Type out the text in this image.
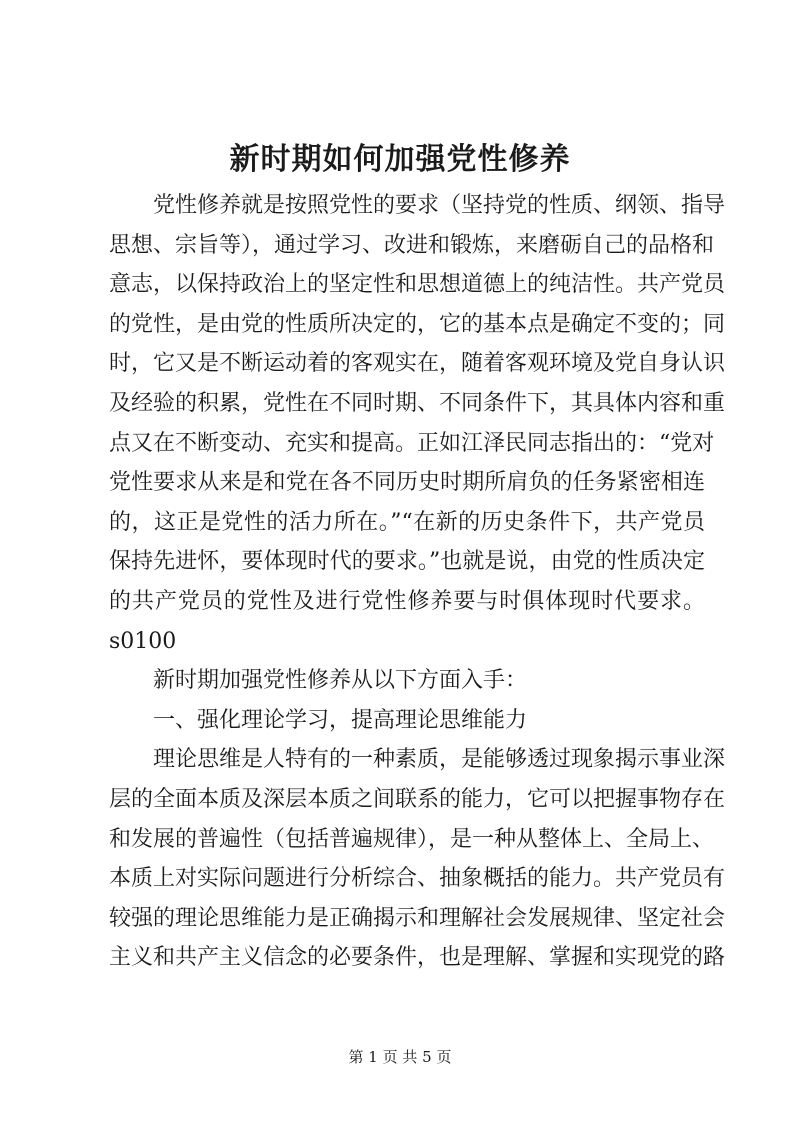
新时期如何加强党性修养
党性修养就是按照党性的要求（坚持党的性质、纲领、指导
思想、宗旨等），通过学习、改进和锻炼，来磨砺自己的品格和
意志，以保持政治上的坚定性和思想道德上的纯洁性。共产党员
的党性，是由党的性质所决定的，它的基本点是确定不变的；同
时，它又是不断运动着的客观实在，随着客观环境及党自身认识
及经验的积累，党性在不同时期、不同条件下，其具体内容和重
点又在不断变动、充实和提高。正如江泽民同志指出的：“党对
党性要求从来是和党在各不同历史时期所肩负的任务紧密相连
的，这正是党性的活力所在。”“在新的历史条件下，共产党员
保持先进怀，要体现时代的要求。”也就是说，由党的性质决定
的共产党员的党性及进行党性修养要与时俱体现时代要求。
s0100
新时期加强党性修养从以下方面入手：
一、强化理论学习，提高理论思维能力
理论思维是人特有的一种素质，是能够透过现象揭示事业深
层的全面本质及深层本质之间联系的能力，它可以把握事物存在
和发展的普遍性（包括普遍规律），是一种从整体上、全局上、
本质上对实际问题进行分析综合、抽象概括的能力。共产党员有
较强的理论思维能力是正确揭示和理解社会发展规律、坚定社会
主义和共产主义信念的必要条件，也是理解、掌握和实现党的路
第 1 页 共 5 页
